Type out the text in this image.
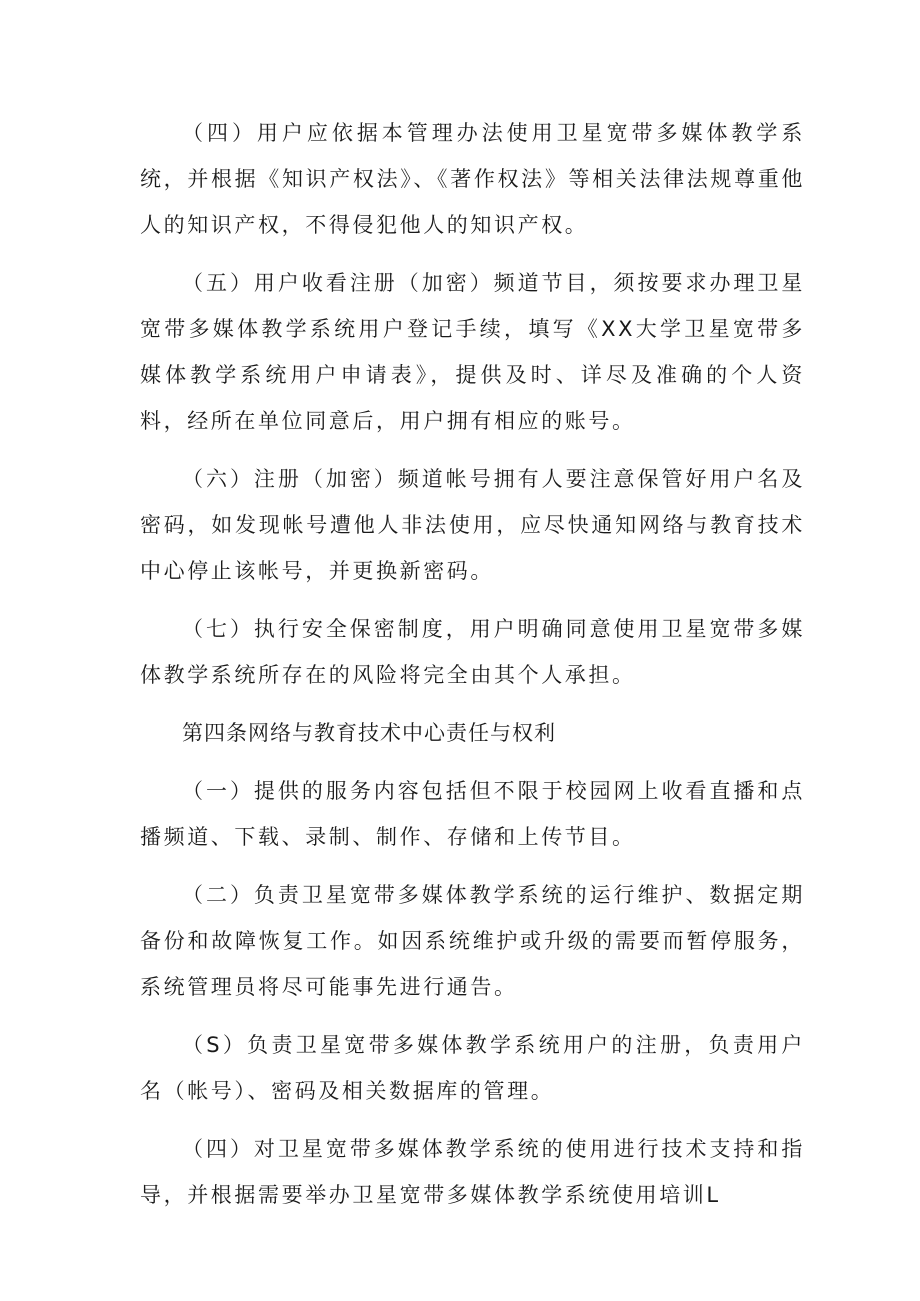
（四）用户应依据本管理办法使用卫星宽带多媒体教学系统，并根据《知识产权法》、《著作权法》等相关法律法规尊重他人的知识产权，不得侵犯他人的知识产权。

（五）用户收看注册（加密）频道节目，须按要求办理卫星宽带多媒体教学系统用户登记手续，填写《XX大学卫星宽带多媒体教学系统用户申请表》，提供及时、详尽及准确的个人资料，经所在单位同意后，用户拥有相应的账号。

（六）注册（加密）频道帐号拥有人要注意保管好用户名及密码，如发现帐号遭他人非法使用，应尽快通知网络与教育技术中心停止该帐号，并更换新密码。

（七）执行安全保密制度，用户明确同意使用卫星宽带多媒体教学系统所存在的风险将完全由其个人承担。

第四条网络与教育技术中心责任与权利

（一）提供的服务内容包括但不限于校园网上收看直播和点播频道、下载、录制、制作、存储和上传节目。

（二）负责卫星宽带多媒体教学系统的运行维护、数据定期备份和故障恢复工作。如因系统维护或升级的需要而暂停服务，系统管理员将尽可能事先进行通告。

（S）负责卫星宽带多媒体教学系统用户的注册，负责用户名（帐号）、密码及相关数据库的管理。

（四）对卫星宽带多媒体教学系统的使用进行技术支持和指导，并根据需要举办卫星宽带多媒体教学系统使用培训L
